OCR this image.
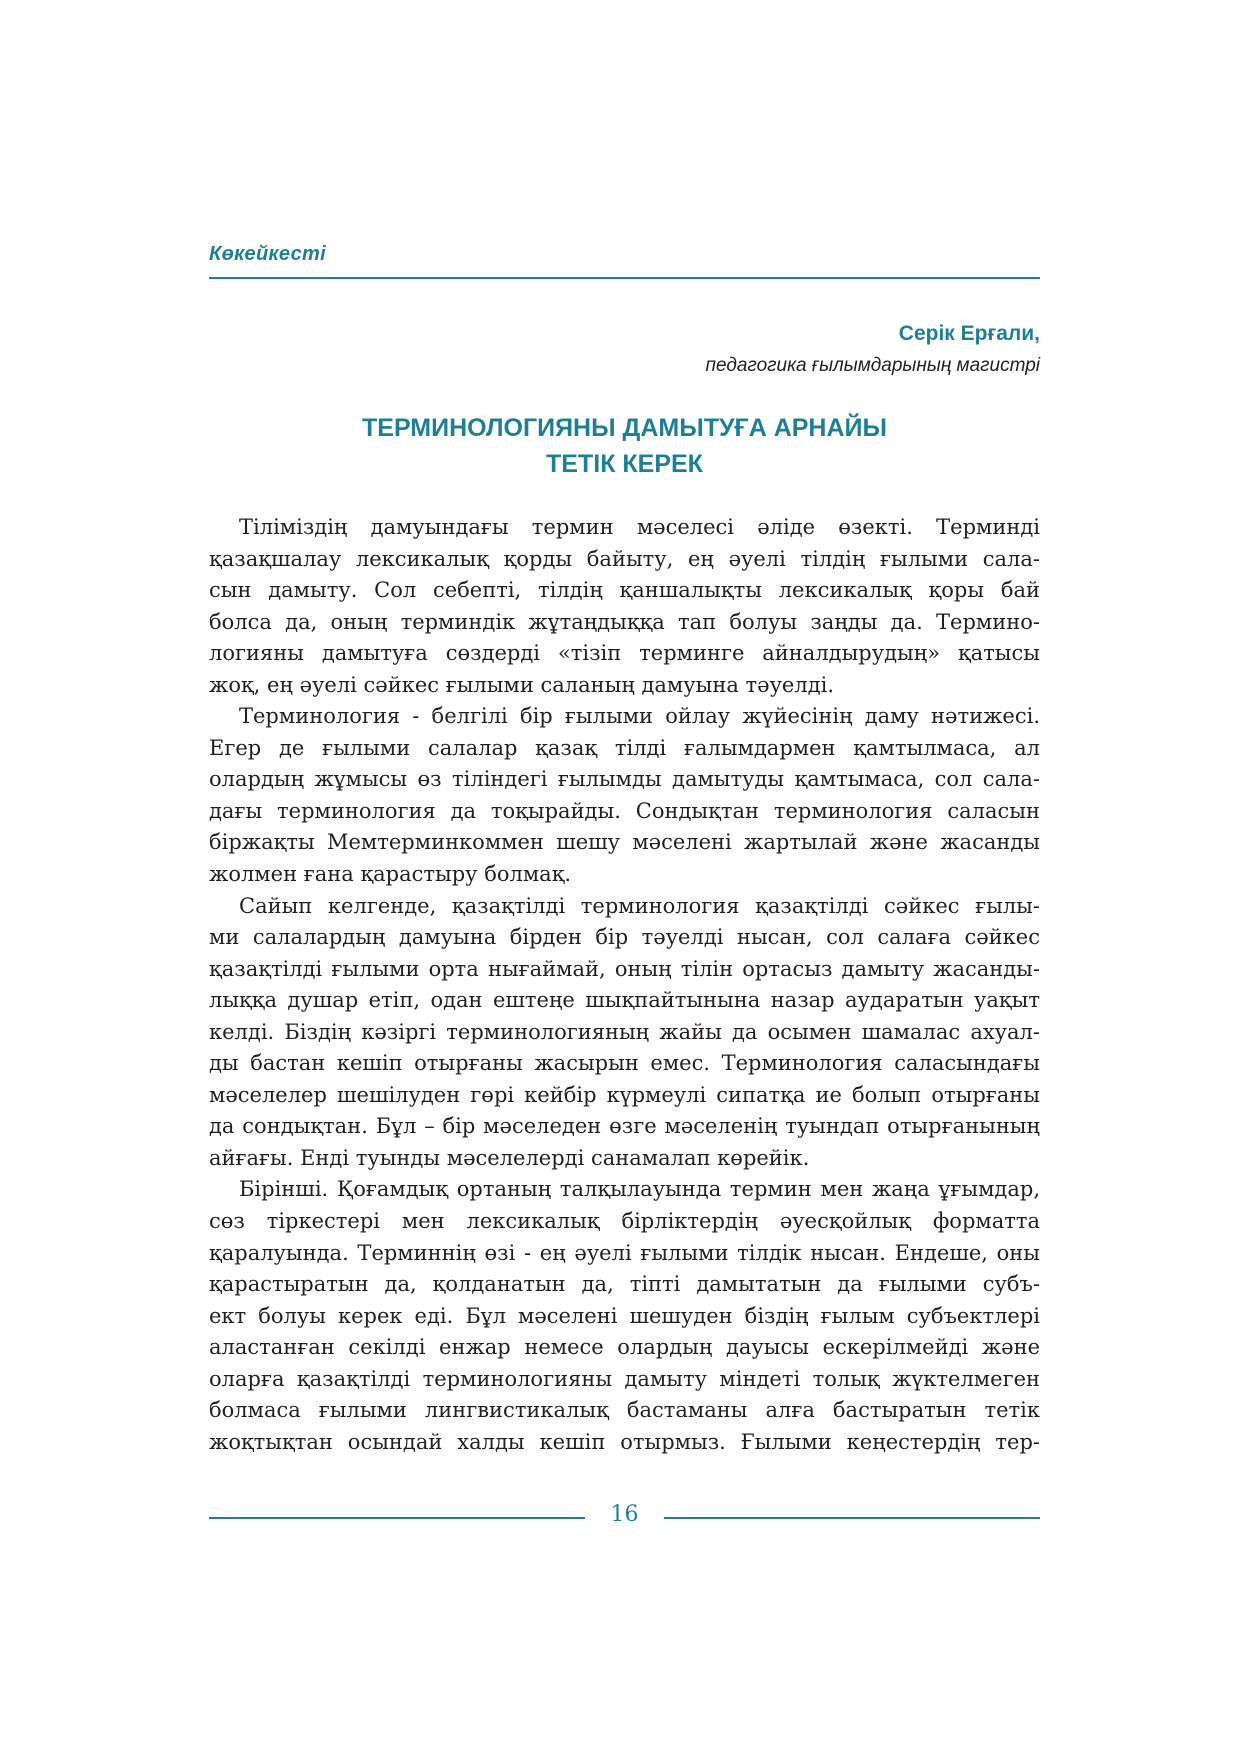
Көкейкесті
Серік Ерғали,
педагогика ғылымдарының магистрі
ТЕРМИНОЛОГИЯНЫ ДАМЫТУҒА АРНАЙЫ
ТЕТІК КЕРЕК
Тіліміздің дамуындағы термин мәселесі әліде өзекті. Терминді
қазақшалау лексикалық қорды байыту, ең әуелі тілдің ғылыми сала-
сын дамыту. Сол себепті, тілдің қаншалықты лексикалық қоры бай
болса да, оның терминдік жұтаңдыққа тап болуы заңды да. Термино-
логияны дамытуға сөздерді «тізіп терминге айналдырудың» қатысы
жоқ, ең әуелі сәйкес ғылыми саланың дамуына тәуелді.
Терминология - белгілі бір ғылыми ойлау жүйесінің даму нәтижесі.
Егер де ғылыми салалар қазақ тілді ғалымдармен қамтылмаса, ал
олардың жұмысы өз тіліндегі ғылымды дамытуды қамтымаса, сол сала-
дағы терминология да тоқырайды. Сондықтан терминология саласын
біржақты Мемтерминкоммен шешу мәселені жартылай және жасанды
жолмен ғана қарастыру болмақ.
Сайып келгенде, қазақтілді терминология қазақтілді сәйкес ғылы-
ми салалардың дамуына бірден бір тәуелді нысан, сол салаға сәйкес
қазақтілді ғылыми орта нығаймай, оның тілін ортасыз дамыту жасанды-
лыққа душар етіп, одан ештеңе шықпайтынына назар аударатын уақыт
келді. Біздің кәзіргі терминологияның жайы да осымен шамалас ахуал-
ды бастан кешіп отырғаны жасырын емес. Терминология саласындағы
мәселелер шешілуден гөрі кейбір күрмеулі сипатқа ие болып отырғаны
да сондықтан. Бұл – бір мәселеден өзге мәселенің туындап отырғанының
айғағы. Енді туынды мәселелерді санамалап көрейік.
Бірінші. Қоғамдық ортаның талқылауында термин мен жаңа ұғымдар,
сөз тіркестері мен лексикалық бірліктердің әуесқойлық форматта
қаралуында. Терминнің өзі - ең әуелі ғылыми тілдік нысан. Ендеше, оны
қарастыратын да, қолданатын да, тіпті дамытатын да ғылыми субъ-
ект болуы керек еді. Бұл мәселені шешуден біздің ғылым субъектлері
аластанған секілді енжар немесе олардың дауысы ескерілмейді және
оларға қазақтілді терминологияны дамыту міндеті толық жүктелмеген
болмаса ғылыми лингвистикалық бастаманы алға бастыратын тетік
жоқтықтан осындай халды кешіп отырмыз. Ғылыми кеңестердің тер-
16
